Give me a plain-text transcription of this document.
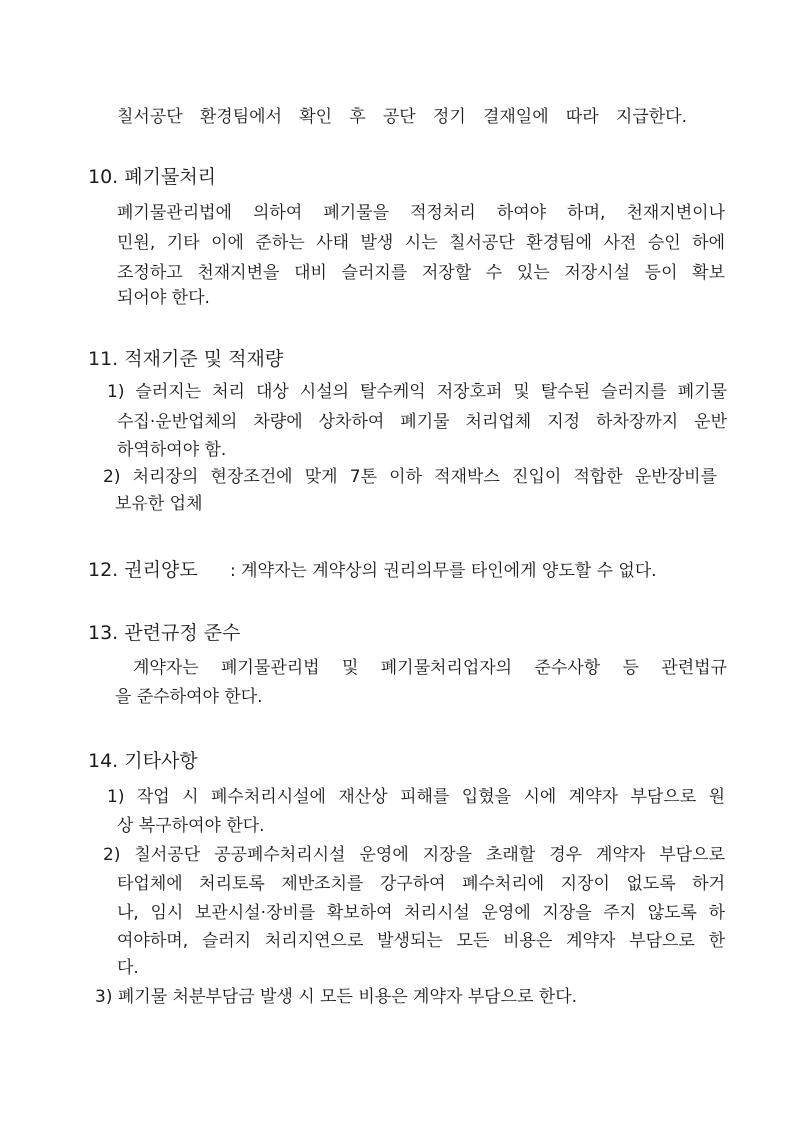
칠서공단 환경팀에서 확인 후 공단 정기 결재일에 따라 지급한다.

10. 폐기물처리

폐기물관리법에 의하여 폐기물을 적정처리 하여야 하며, 천재지변이나

민원, 기타 이에 준하는 사태 발생 시는 칠서공단 환경팀에 사전 승인 하에

조정하고 천재지변을 대비 슬러지를 저장할 수 있는 저장시설 등이 확보

되어야 한다.

11. 적재기준 및 적재량

1) 슬러지는 처리 대상 시설의 탈수케익 저장호퍼 및 탈수된 슬러지를 폐기물

수집·운반업체의 차량에 상차하여 폐기물 처리업체 지정 하차장까지 운반

하역하여야 함.

2) 처리장의 현장조건에 맞게 7톤 이하 적재박스 진입이 적합한 운반장비를

보유한 업체

12. 권리양도 : 계약자는 계약상의 권리의무를 타인에게 양도할 수 없다.

13. 관련규정 준수

계약자는 폐기물관리법 및 폐기물처리업자의 준수사항 등 관련법규

을 준수하여야 한다.

14. 기타사항

1) 작업 시 폐수처리시설에 재산상 피해를 입혔을 시에 계약자 부담으로 원

상 복구하여야 한다.

2) 칠서공단 공공폐수처리시설 운영에 지장을 초래할 경우 계약자 부담으로

타업체에 처리토록 제반조치를 강구하여 폐수처리에 지장이 없도록 하거

나, 임시 보관시설·장비를 확보하여 처리시설 운영에 지장을 주지 않도록 하

여야하며, 슬러지 처리지연으로 발생되는 모든 비용은 계약자 부담으로 한

다.

3) 폐기물 처분부담금 발생 시 모든 비용은 계약자 부담으로 한다.
